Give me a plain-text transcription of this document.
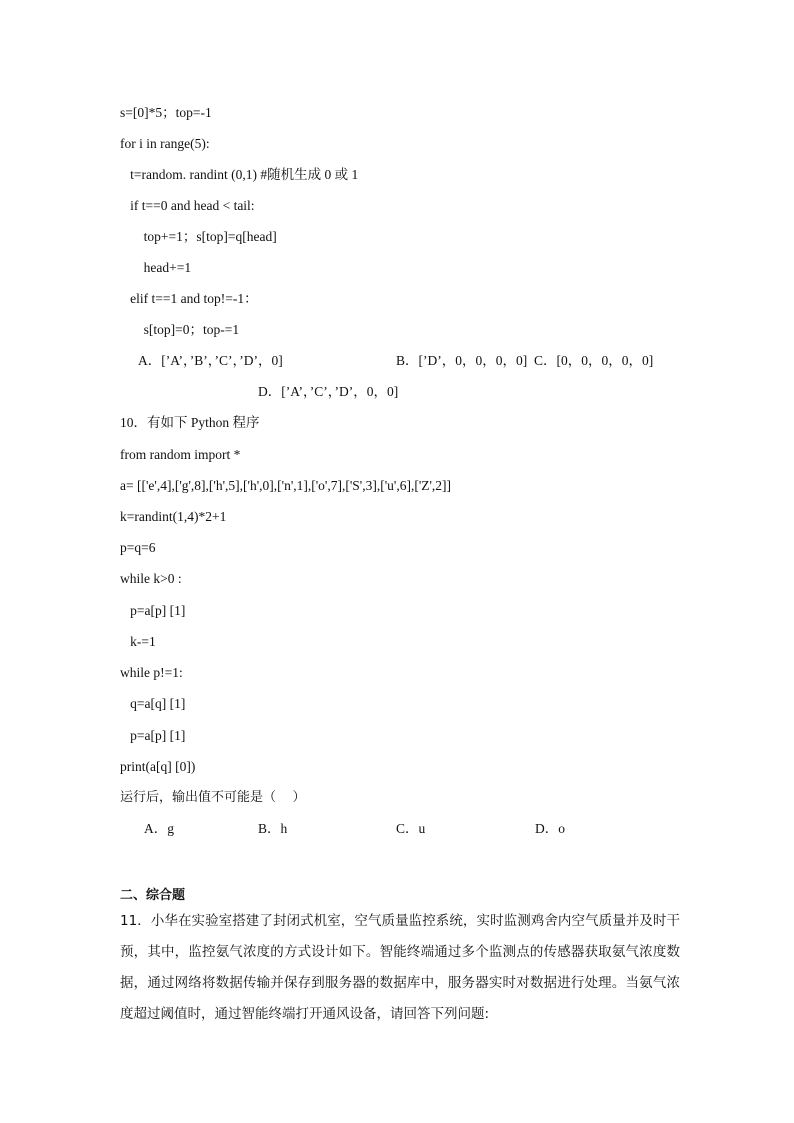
s=[0]*5；top=-1
for i in range(5):
t=random. randint (0,1) #随机生成 0 或 1
if t==0 and head < tail:
top+=1；s[top]=q[head]
head+=1
elif t==1 and top!=-1：
s[top]=0；top-=1
A．[’A’，’B’，’C’，’D’，0]	B．[’D’，0，0，0，0] C．[0，0，0，0，0]
D．[’A’，’C’，’D’，0，0]
10．有如下 Python 程序
from random import *
a= [['e',4],['g',8],['h',5],['h',0],['n',1],['o',7],['S',3],['u',6],['Z',2]]
k=randint(1,4)*2+1
p=q=6
while k>0 :
p=a[p] [1]
k-=1
while p!=1:
q=a[q] [1]
p=a[p] [1]
print(a[q] [0])
运行后，输出值不可能是（    ）
A．g	B．h	C．u	D．o
二、综合题
11．小华在实验室搭建了封闭式机室，空气质量监控系统，实时监测鸡舍内空气质量并及时干预，其中，监控氨气浓度的方式设计如下。智能终端通过多个监测点的传感器获取氨气浓度数据，通过网络将数据传输并保存到服务器的数据库中，服务器实时对数据进行处理。当氨气浓度超过阈值时，通过智能终端打开通风设备，请回答下列问题:
